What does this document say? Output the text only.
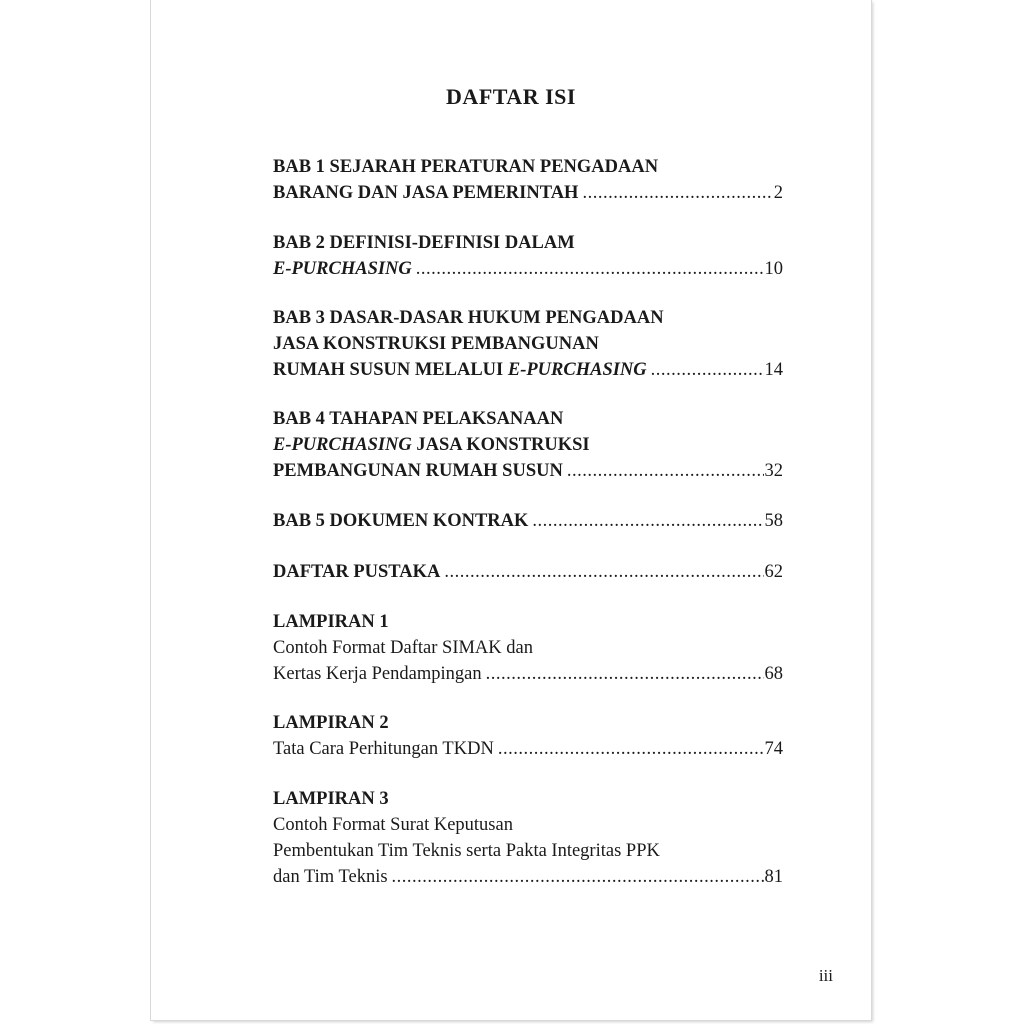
DAFTAR ISI
BAB 1 SEJARAH PERATURAN PENGADAAN
BARANG DAN JASA PEMERINTAH .....	2
BAB 2 DEFINISI-DEFINISI DALAM
E-PURCHASING .....	10
BAB 3 DASAR-DASAR HUKUM PENGADAAN
JASA KONSTRUKSI PEMBANGUNAN
RUMAH SUSUN MELALUI E-PURCHASING .....	14
BAB 4 TAHAPAN PELAKSANAAN
E-PURCHASING JASA KONSTRUKSI
PEMBANGUNAN RUMAH SUSUN .....	32
BAB 5 DOKUMEN KONTRAK .....	58
DAFTAR PUSTAKA .....	62
LAMPIRAN 1
Contoh Format Daftar SIMAK dan
Kertas Kerja Pendampingan .....	68
LAMPIRAN 2
Tata Cara Perhitungan TKDN .....	74
LAMPIRAN 3
Contoh Format Surat Keputusan
Pembentukan Tim Teknis serta Pakta Integritas PPK
dan Tim Teknis .....	81
iii
